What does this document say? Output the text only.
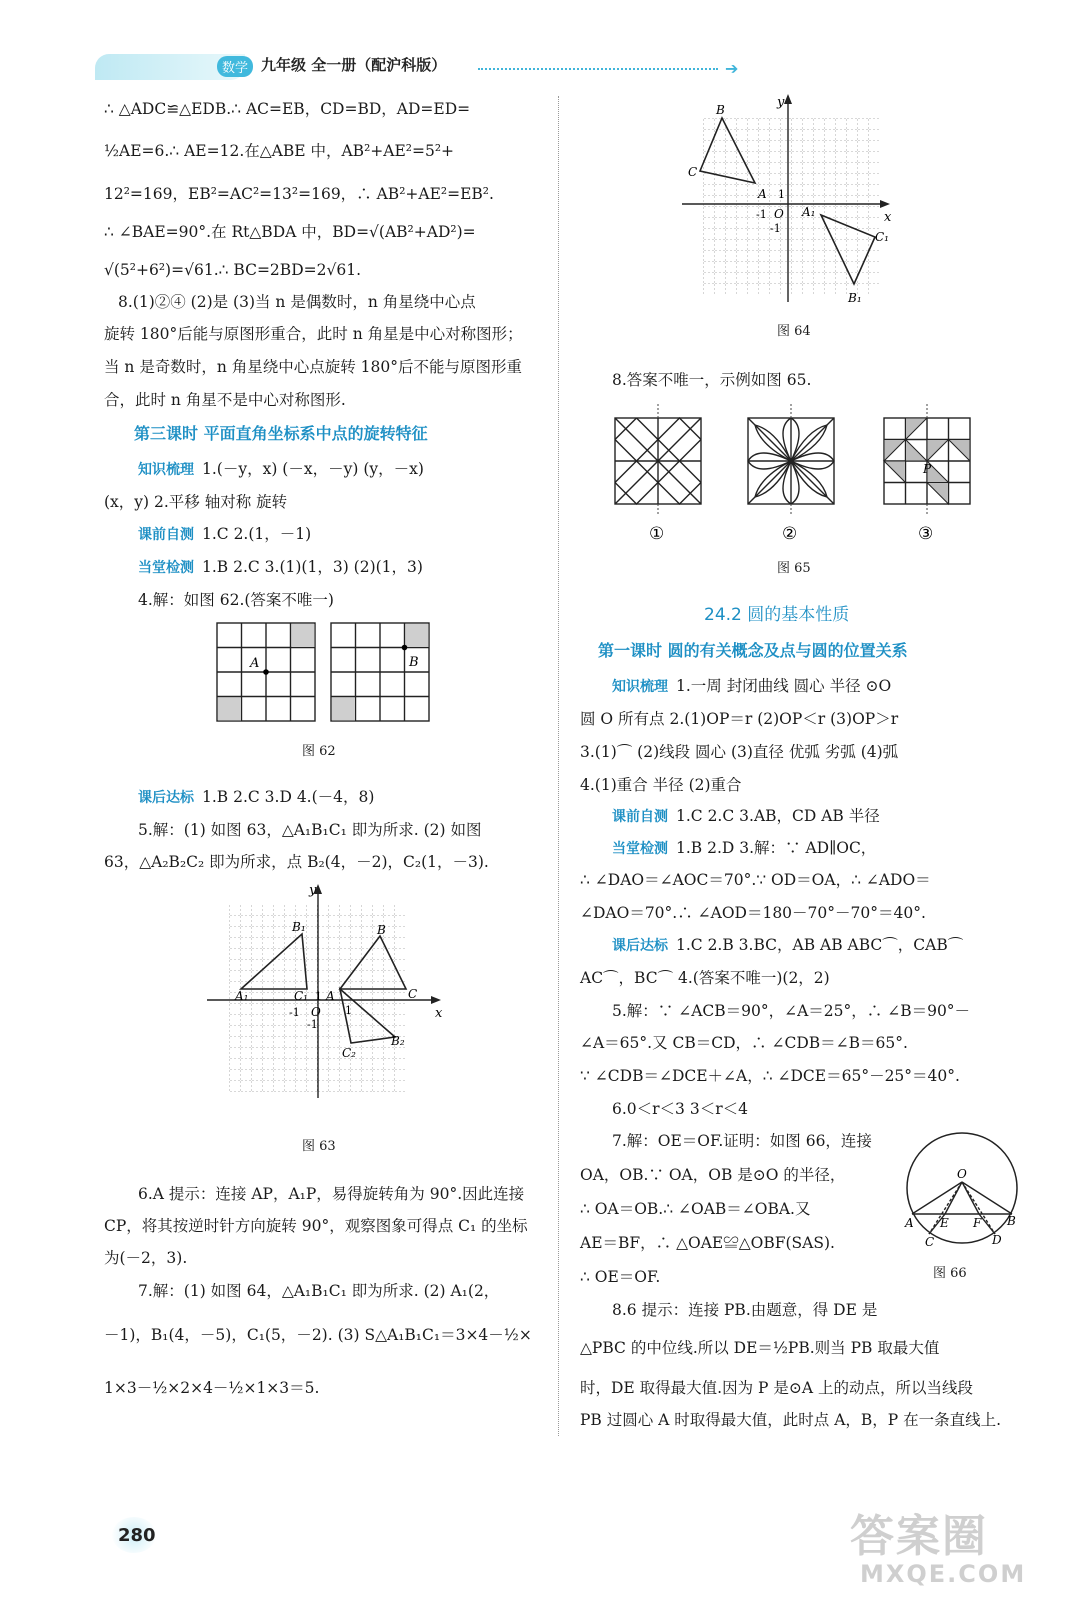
数学 九年级 全一册（配沪科版）	➔
∴ △ADC≌△EDB.∴ AC=EB，CD=BD，AD=ED=
½AE=6.∴ AE=12.在△ABE 中，AB²+AE²=5²+
12²=169，EB²=AC²=13²=169，∴ AB²+AE²=EB².
∴ ∠BAE=90°.在 Rt△BDA 中，BD=√(AB²+AD²)=
√(5²+6²)=√61.∴ BC=2BD=2√61.
8.(1)②④ (2)是 (3)当 n 是偶数时，n 角星绕中心点
旋转 180°后能与原图形重合，此时 n 角星是中心对称图形；
当 n 是奇数时，n 角星绕中心点旋转 180°后不能与原图形重
合，此时 n 角星不是中心对称图形.
第三课时 平面直角坐标系中点的旋转特征
知识梳理 1.(－y，x) (－x，－y) (y，－x)
(x，y) 2.平移 轴对称 旋转
课前自测 1.C 2.(1，－1)
当堂检测 1.B 2.C 3.(1)(1，3) (2)(1，3)
4.解：如图 62.(答案不唯一)
A	B
图 62
课后达标 1.B 2.C 3.D 4.(－4，8)
5.解：(1) 如图 63，△A₁B₁C₁ 即为所求. (2) 如图
63，△A₂B₂C₂ 即为所求，点 B₂(4，－2)，C₂(1，－3).
y
x
O
-1
-1
A₁
B₁
C₁ A
B
C
B₂
C₂
1
1
图 63
6.A 提示：连接 AP，A₁P，易得旋转角为 90°.因此连接
CP，将其按逆时针方向旋转 90°，观察图象可得点 C₁ 的坐标
为(－2，3).
7.解：(1) 如图 64，△A₁B₁C₁ 即为所求. (2) A₁(2，
－1)，B₁(4，－5)，C₁(5，－2). (3) S△A₁B₁C₁＝3×4－½×
1×3－½×2×4－½×1×3＝5.
y
x
O
-1
-1
1
B
C
A
A₁
C₁
B₁
图 64
8.答案不唯一，示例如图 65.
P
①	②	③
图 65
24.2 圆的基本性质
第一课时 圆的有关概念及点与圆的位置关系
知识梳理 1.一周 封闭曲线 圆心 半径 ⊙O
圆 O 所有点 2.(1)OP＝r (2)OP＜r (3)OP＞r
3.(1)⌒ (2)线段 圆心 (3)直径 优弧 劣弧 (4)弧
4.(1)重合 半径 (2)重合
课前自测 1.C 2.C 3.AB，CD AB 半径
当堂检测 1.B 2.D 3.解：∵ AD∥OC，
∴ ∠DAO＝∠AOC＝70°.∵ OD＝OA，∴ ∠ADO＝
∠DAO＝70°.∴ ∠AOD＝180－70°－70°＝40°.
课后达标 1.C 2.B 3.BC，AB AB ABC⌒，CAB⌒
AC⌒，BC⌒ 4.(答案不唯一)(2，2)
5.解：∵ ∠ACB＝90°，∠A＝25°，∴ ∠B＝90°－
∠A＝65°.又 CB＝CD，∴ ∠CDB＝∠B＝65°.
∵ ∠CDB＝∠DCE＋∠A，∴ ∠DCE＝65°－25°＝40°.
6.0＜r＜3 3＜r＜4
7.解：OE＝OF.证明：如图 66，连接
OA，OB.∵ OA，OB 是⊙O 的半径，
∴ OA＝OB.∴ ∠OAB＝∠OBA.又
AE＝BF，∴ △OAE≌△OBF(SAS).
∴ OE＝OF.
O
A	B
E F
C	D
图 66
8.6 提示：连接 PB.由题意，得 DE 是
△PBC 的中位线.所以 DE＝½PB.则当 PB 取最大值
时，DE 取得最大值.因为 P 是⊙A 上的动点，所以当线段
PB 过圆心 A 时取得最大值，此时点 A，B，P 在一条直线上.
280	答案圈
MXQE.COM
